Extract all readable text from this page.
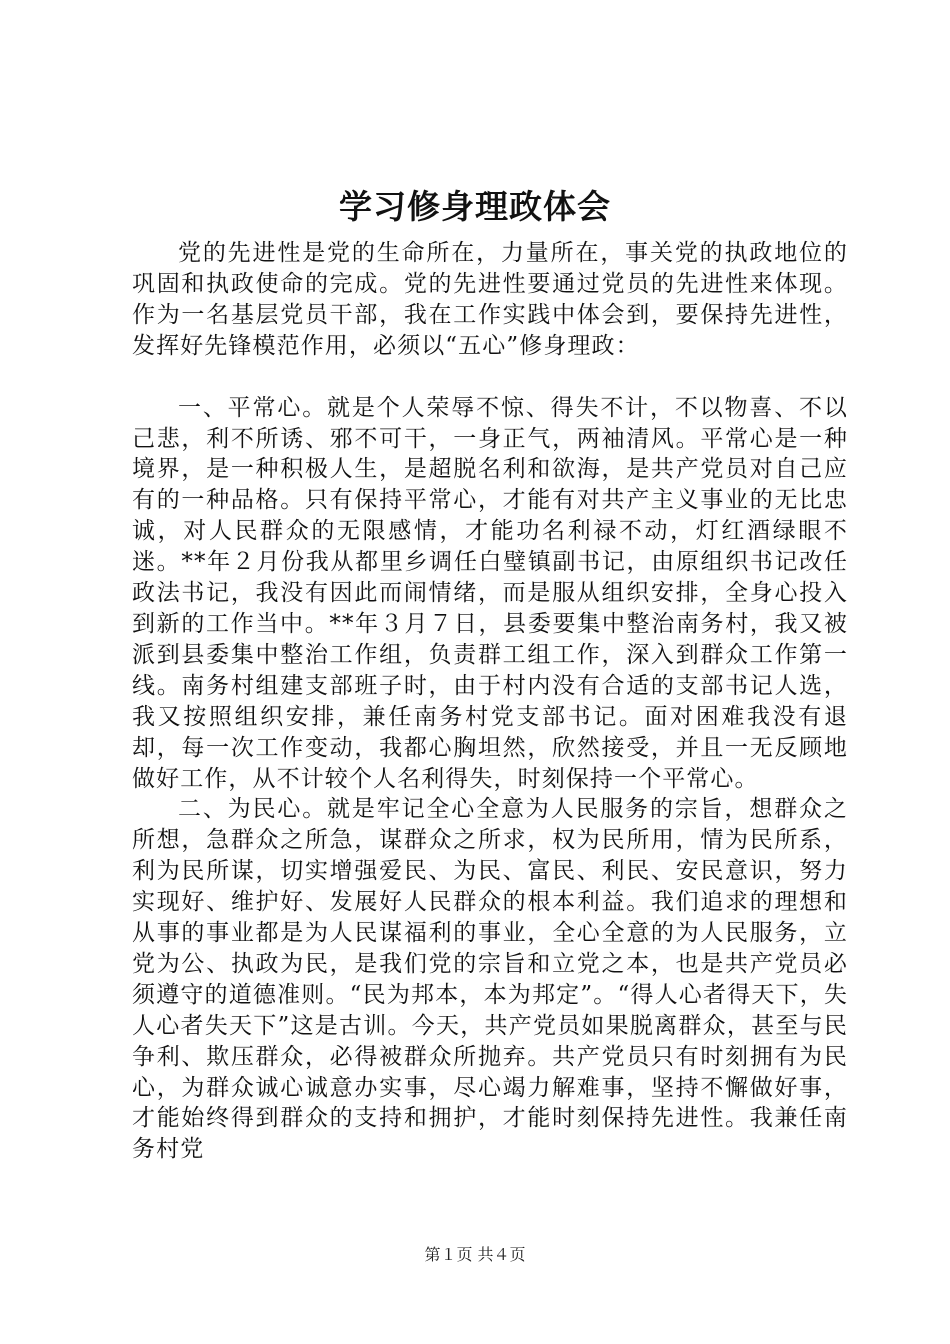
学习修身理政体会

党的先进性是党的生命所在，力量所在，事关党的执政地位的巩固和执政使命的完成。党的先进性要通过党员的先进性来体现。作为一名基层党员干部，我在工作实践中体会到，要保持先进性，发挥好先锋模范作用，必须以“五心”修身理政：

一、平常心。就是个人荣辱不惊、得失不计，不以物喜、不以己悲，利不所诱、邪不可干，一身正气，两袖清风。平常心是一种境界，是一种积极人生，是超脱名利和欲海，是共产党员对自己应有的一种品格。只有保持平常心，才能有对共产主义事业的无比忠诚，对人民群众的无限感情，才能功名利禄不动，灯红酒绿眼不迷。**年２月份我从都里乡调任白璧镇副书记，由原组织书记改任政法书记，我没有因此而闹情绪，而是服从组织安排，全身心投入到新的工作当中。**年３月７日，县委要集中整治南务村，我又被派到县委集中整治工作组，负责群工组工作，深入到群众工作第一线。南务村组建支部班子时，由于村内没有合适的支部书记人选，我又按照组织安排，兼任南务村党支部书记。面对困难我没有退却，每一次工作变动，我都心胸坦然，欣然接受，并且一无反顾地做好工作，从不计较个人名利得失，时刻保持一个平常心。

二、为民心。就是牢记全心全意为人民服务的宗旨，想群众之所想，急群众之所急，谋群众之所求，权为民所用，情为民所系，利为民所谋，切实增强爱民、为民、富民、利民、安民意识，努力实现好、维护好、发展好人民群众的根本利益。我们追求的理想和从事的事业都是为人民谋福利的事业，全心全意的为人民服务，立党为公、执政为民，是我们党的宗旨和立党之本，也是共产党员必须遵守的道德准则。“民为邦本，本为邦定”。“得人心者得天下，失人心者失天下”这是古训。今天，共产党员如果脱离群众，甚至与民争利、欺压群众，必得被群众所抛弃。共产党员只有时刻拥有为民心，为群众诚心诚意办实事，尽心竭力解难事，坚持不懈做好事，才能始终得到群众的支持和拥护，才能时刻保持先进性。我兼任南务村党

第１页 共４页
